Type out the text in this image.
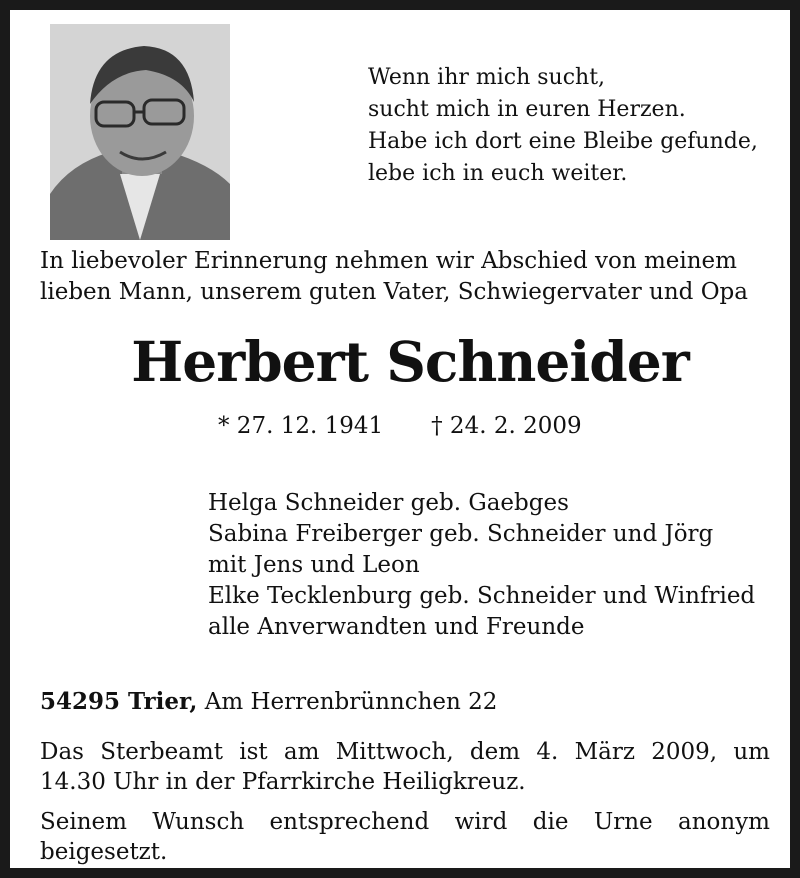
Wenn ihr mich sucht,
sucht mich in euren Herzen.
Habe ich dort eine Bleibe gefunde,
lebe ich in euch weiter.
In liebevoler Erinnerung nehmen wir Abschied von meinem
lieben Mann, unserem guten Vater, Schwiegervater und Opa
Herbert Schneider
* 27. 12. 1941 † 24. 2. 2009
Helga Schneider geb. Gaebges
Sabina Freiberger geb. Schneider und Jörg
mit Jens und Leon
Elke Tecklenburg geb. Schneider und Winfried
alle Anverwandten und Freunde
54295 Trier, Am Herrenbrünnchen 22
Das Sterbeamt ist am Mittwoch, dem 4. März 2009, um
14.30 Uhr in der Pfarrkirche Heiligkreuz.
Seinem Wunsch entsprechend wird die Urne anonym
beigesetzt.
